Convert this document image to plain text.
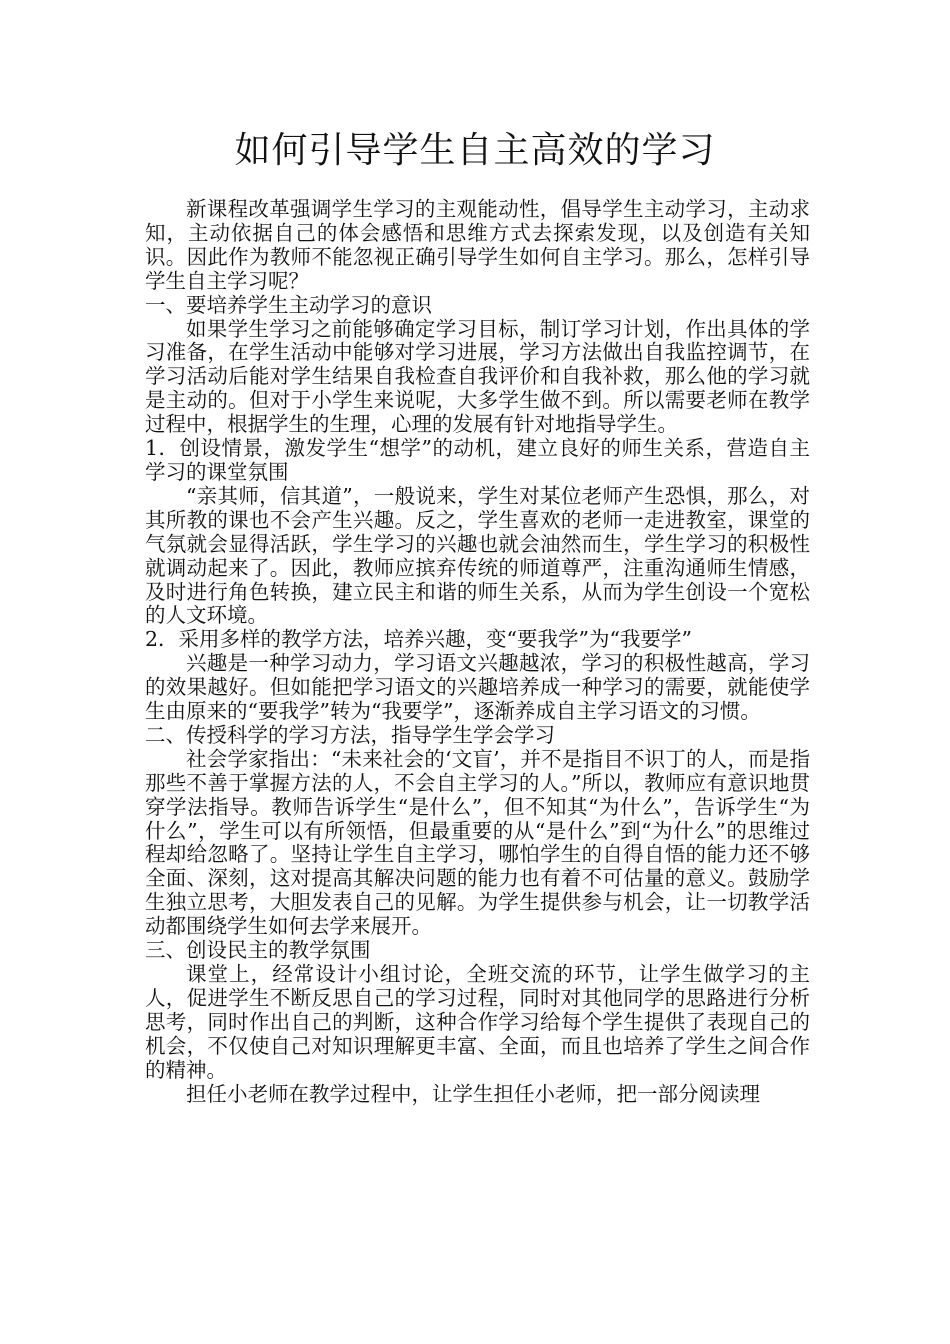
如何引导学生自主高效的学习

新课程改革强调学生学习的主观能动性，倡导学生主动学习，主动求知，主动依据自己的体会感悟和思维方式去探索发现，以及创造有关知识。因此作为教师不能忽视正确引导学生如何自主学习。那么，怎样引导学生自主学习呢？

一、要培养学生主动学习的意识

如果学生学习之前能够确定学习目标，制订学习计划，作出具体的学习准备，在学生活动中能够对学习进展，学习方法做出自我监控调节，在学习活动后能对学生结果自我检查自我评价和自我补救，那么他的学习就是主动的。但对于小学生来说呢，大多学生做不到。所以需要老师在教学过程中，根据学生的生理，心理的发展有针对地指导学生。

1．创设情景，激发学生“想学”的动机，建立良好的师生关系，营造自主学习的课堂氛围

“亲其师，信其道”，一般说来，学生对某位老师产生恐惧，那么，对其所教的课也不会产生兴趣。反之，学生喜欢的老师一走进教室，课堂的气氛就会显得活跃，学生学习的兴趣也就会油然而生，学生学习的积极性就调动起来了。因此，教师应摈弃传统的师道尊严，注重沟通师生情感，及时进行角色转换，建立民主和谐的师生关系，从而为学生创设一个宽松的人文环境。

2．采用多样的教学方法，培养兴趣，变“要我学”为“我要学”

兴趣是一种学习动力，学习语文兴趣越浓，学习的积极性越高，学习的效果越好。但如能把学习语文的兴趣培养成一种学习的需要，就能使学生由原来的“要我学”转为“我要学”，逐渐养成自主学习语文的习惯。

二、传授科学的学习方法，指导学生学会学习

社会学家指出：“未来社会的‘文盲’，并不是指目不识丁的人，而是指那些不善于掌握方法的人，不会自主学习的人。”所以，教师应有意识地贯穿学法指导。教师告诉学生“是什么”，但不知其“为什么”，告诉学生“为什么”，学生可以有所领悟，但最重要的从“是什么”到“为什么”的思维过程却给忽略了。坚持让学生自主学习，哪怕学生的自得自悟的能力还不够全面、深刻，这对提高其解决问题的能力也有着不可估量的意义。鼓励学生独立思考，大胆发表自己的见解。为学生提供参与机会，让一切教学活动都围绕学生如何去学来展开。

三、创设民主的教学氛围

课堂上，经常设计小组讨论，全班交流的环节，让学生做学习的主人，促进学生不断反思自己的学习过程，同时对其他同学的思路进行分析思考，同时作出自己的判断，这种合作学习给每个学生提供了表现自己的机会，不仅使自己对知识理解更丰富、全面，而且也培养了学生之间合作的精神。

担任小老师在教学过程中，让学生担任小老师，把一部分阅读理
